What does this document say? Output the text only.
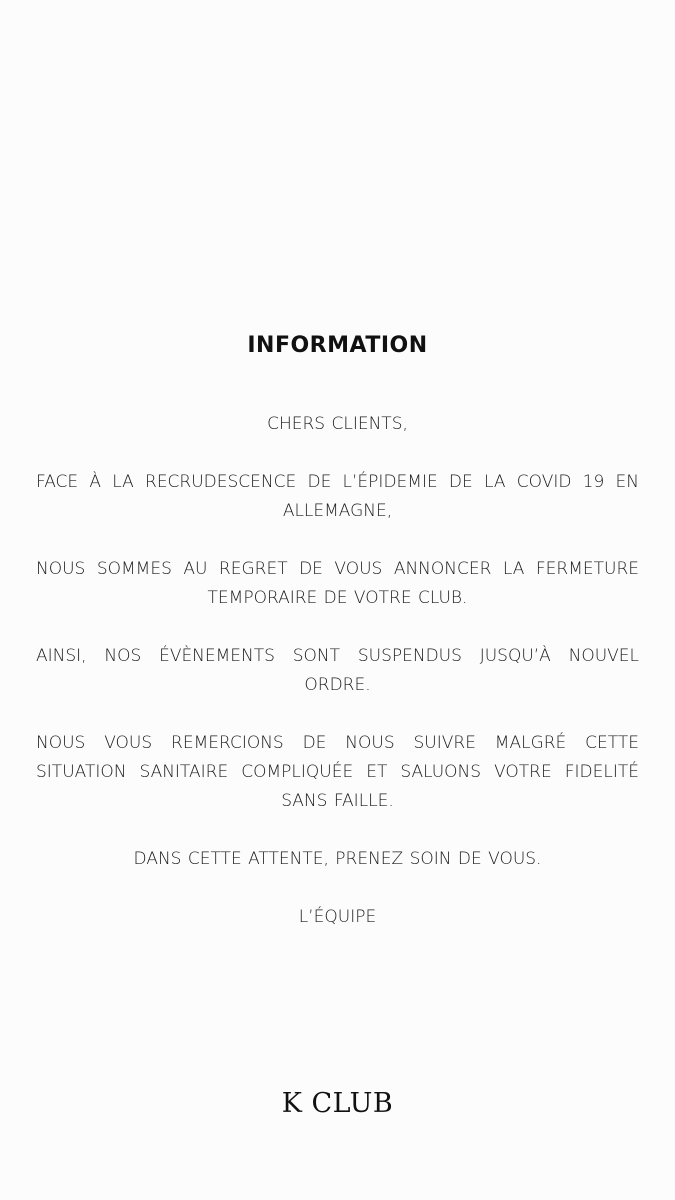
INFORMATION

CHERS CLIENTS,

FACE À LA RECRUDESCENCE DE L’ÉPIDEMIE DE LA COVID 19 EN ALLEMAGNE,

NOUS SOMMES AU REGRET DE VOUS ANNONCER LA FERMETURE TEMPORAIRE DE VOTRE CLUB.

AINSI, NOS ÉVÈNEMENTS SONT SUSPENDUS JUSQU’À NOUVEL ORDRE.

NOUS VOUS REMERCIONS DE NOUS SUIVRE MALGRÉ CETTE SITUATION SANITAIRE COMPLIQUÉE ET SALUONS VOTRE FIDELITÉ SANS FAILLE.

DANS CETTE ATTENTE, PRENEZ SOIN DE VOUS.

L’ÉQUIPE

K CLUB
